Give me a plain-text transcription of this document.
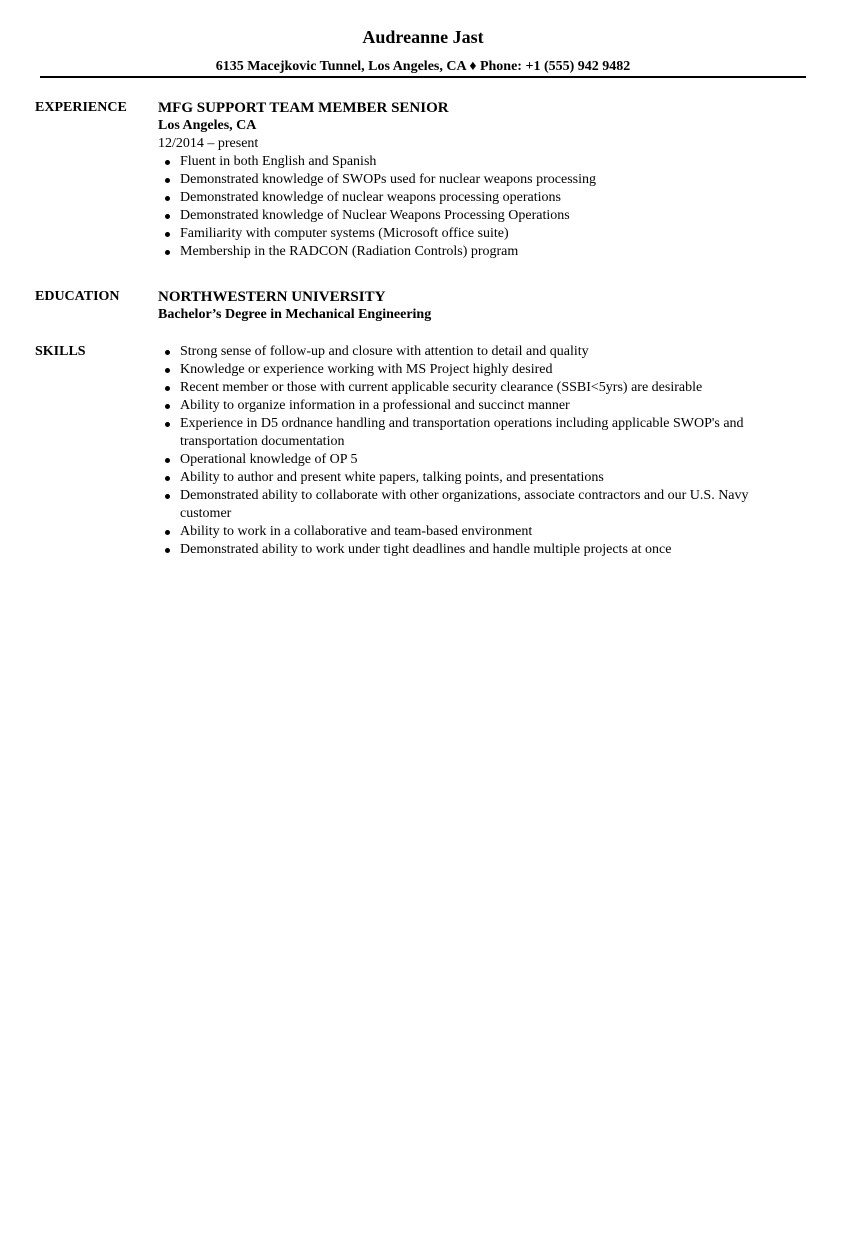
Audreanne Jast
6135 Macejkovic Tunnel, Los Angeles, CA ♦ Phone: +1 (555) 942 9482
EXPERIENCE MFG SUPPORT TEAM MEMBER SENIOR

Los Angeles, CA

12/2014 – present

Fluent in both English and Spanish
Demonstrated knowledge of SWOPs used for nuclear weapons processing
Demonstrated knowledge of nuclear weapons processing operations
Demonstrated knowledge of Nuclear Weapons Processing Operations
Familiarity with computer systems (Microsoft office suite)
Membership in the RADCON (Radiation Controls) program
EDUCATION	NORTHWESTERN UNIVERSITY

Bachelor’s Degree in Mechanical Engineering

SKILLS	Strong sense of follow-up and closure with attention to detail and quality
Knowledge or experience working with MS Project highly desired
Recent member or those with current applicable security clearance (SSBI<5yrs) are desirable
Ability to organize information in a professional and succinct manner
Experience in D5 ordnance handling and transportation operations including applicable SWOP's and transportation documentation
Operational knowledge of OP 5
Ability to author and present white papers, talking points, and presentations
Demonstrated ability to collaborate with other organizations, associate contractors and our U.S. Navy customer
Ability to work in a collaborative and team-based environment
Demonstrated ability to work under tight deadlines and handle multiple projects at once
